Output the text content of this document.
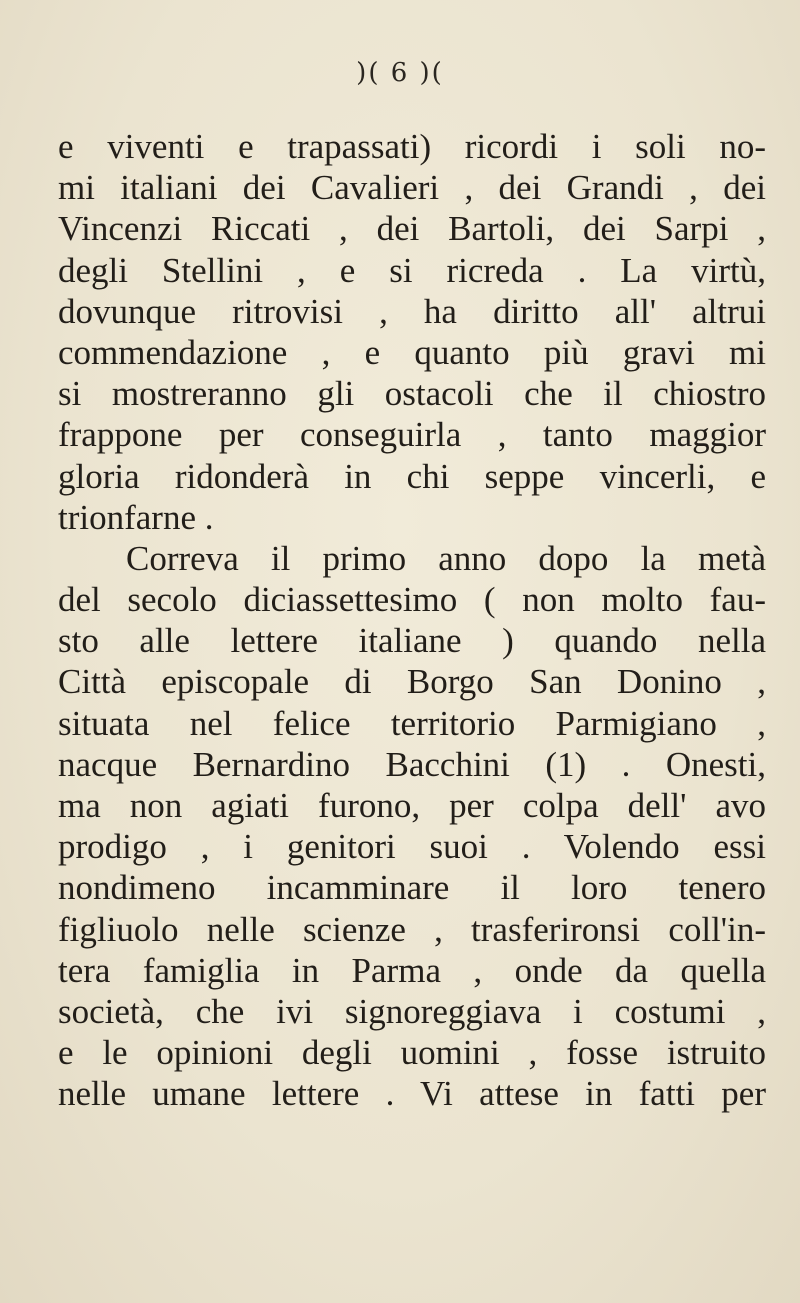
)( 6 )(
e viventi e trapassati) ricordi i soli no-
mi italiani dei Cavalieri , dei Grandi , dei
Vincenzi Riccati , dei Bartoli, dei Sarpi ,
degli Stellini , e si ricreda . La virtù,
dovunque ritrovisi , ha diritto all' altrui
commendazione , e quanto più gravi mi
si mostreranno gli ostacoli che il chiostro
frappone per conseguirla , tanto maggior
gloria ridonderà in chi seppe vincerli, e
trionfarne .
Correva il primo anno dopo la metà
del secolo diciassettesimo ( non molto fau-
sto alle lettere italiane ) quando nella
Città episcopale di Borgo San Donino ,
situata nel felice territorio Parmigiano ,
nacque Bernardino Bacchini (1) . Onesti,
ma non agiati furono, per colpa dell' avo
prodigo , i genitori suoi . Volendo essi
nondimeno incamminare il loro tenero
figliuolo nelle scienze , trasferironsi coll'in-
tera famiglia in Parma , onde da quella
società, che ivi signoreggiava i costumi ,
e le opinioni degli uomini , fosse istruito
nelle umane lettere . Vi attese in fatti per
